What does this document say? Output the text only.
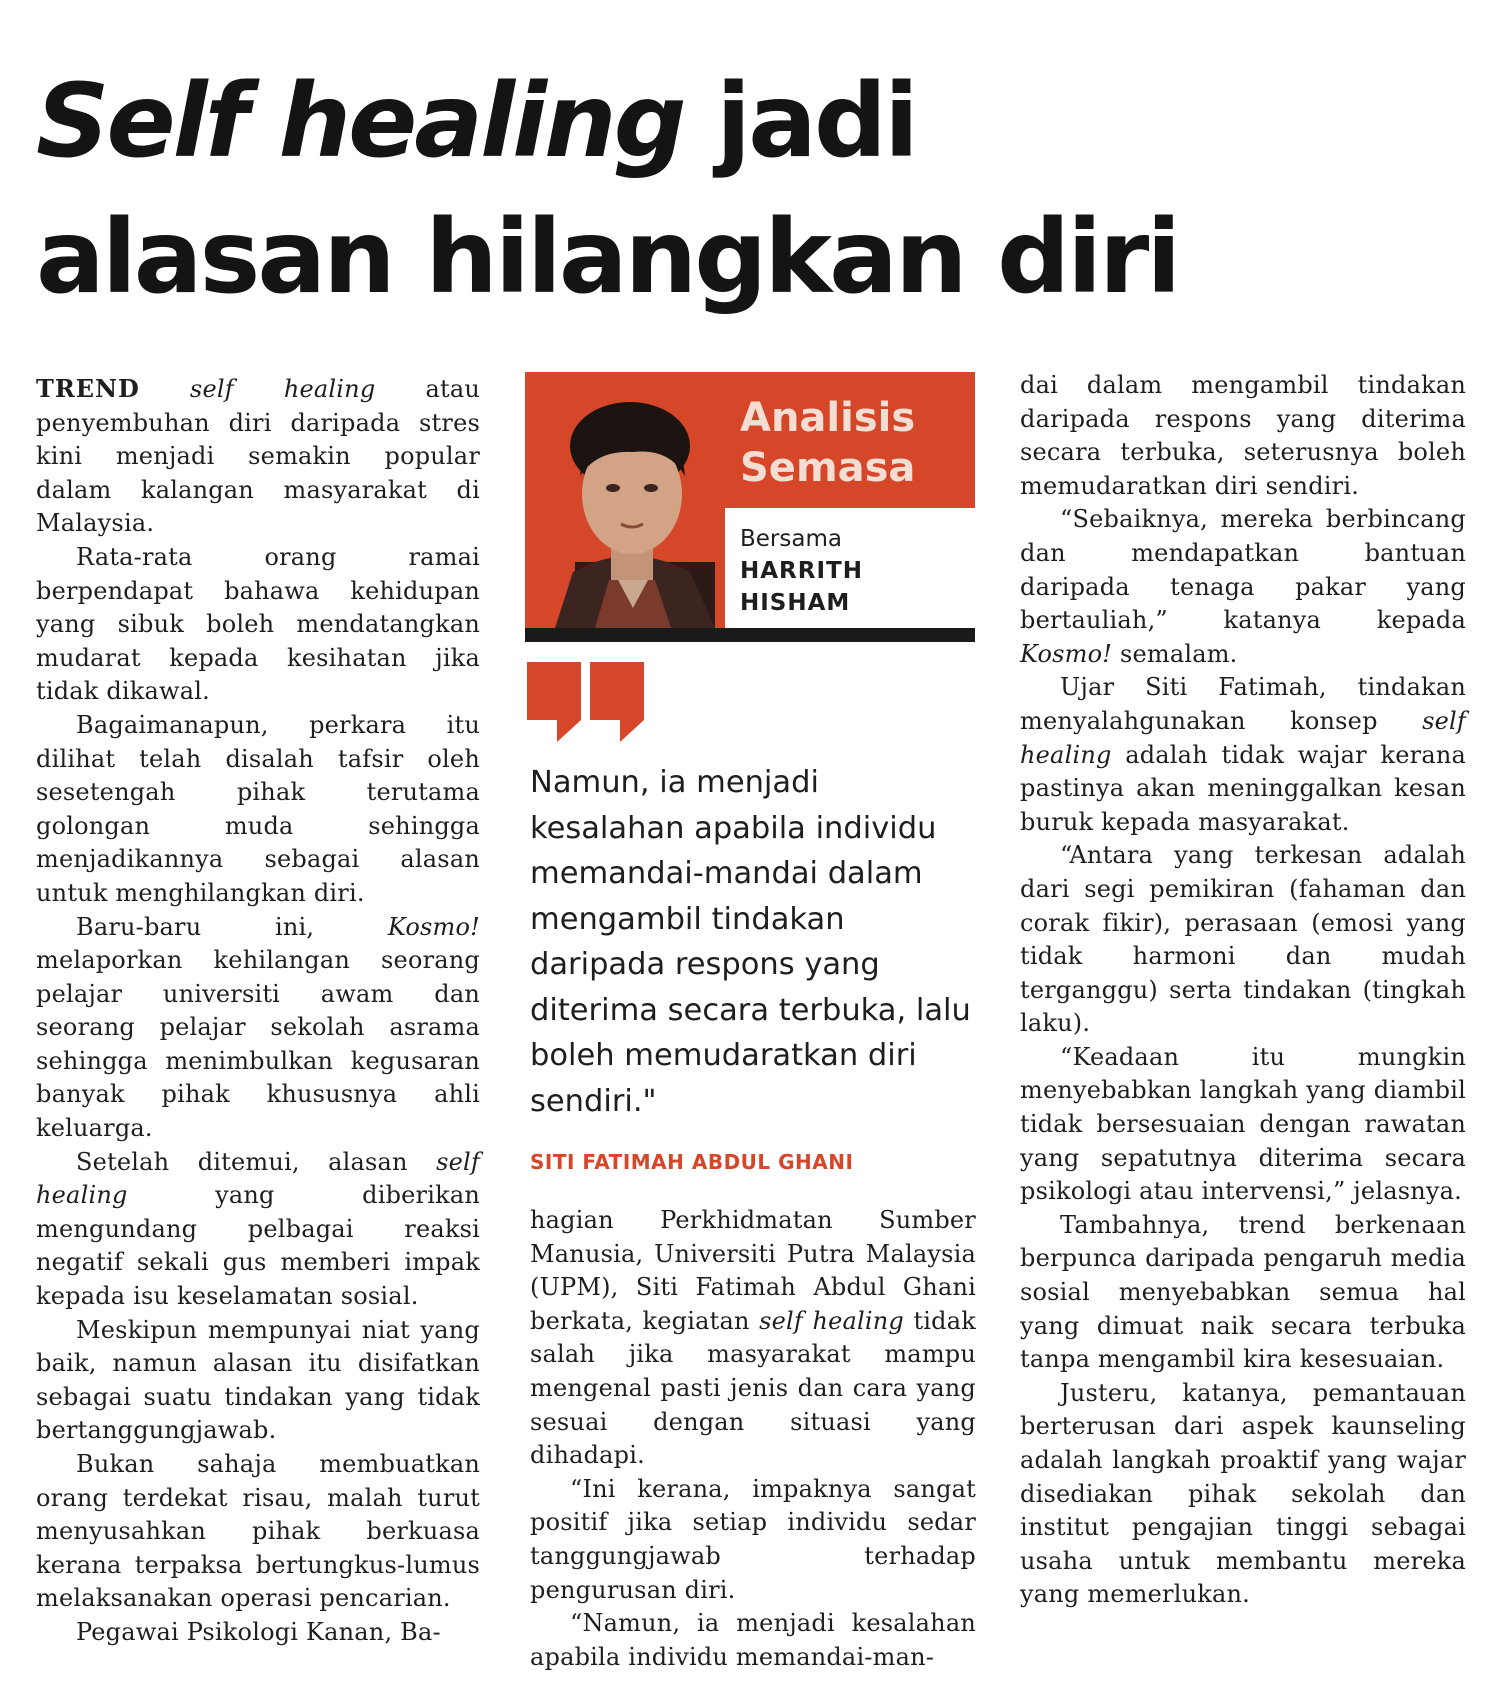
Self healing jadi
alasan hilangkan diri

TREND self healing atau penyembuhan diri daripada stres kini menjadi semakin popular dalam kalangan masyarakat di Malaysia.

Rata-rata orang ramai berpendapat bahawa kehidupan yang sibuk boleh mendatangkan mudarat kepada kesihatan jika tidak dikawal.

Bagaimanapun, perkara itu dilihat telah disalah tafsir oleh sesetengah pihak terutama golongan muda sehingga menjadikannya sebagai alasan untuk menghilangkan diri.

Baru-baru ini, Kosmo! melaporkan kehilangan seorang pelajar universiti awam dan seorang pelajar sekolah asrama sehingga menimbulkan kegusaran banyak pihak khususnya ahli keluarga.

Setelah ditemui, alasan self healing yang diberikan mengundang pelbagai reaksi negatif sekali gus memberi impak kepada isu keselamatan sosial.

Meskipun mempunyai niat yang baik, namun alasan itu disifatkan sebagai suatu tindakan yang tidak bertanggungjawab.

Bukan sahaja membuatkan orang terdekat risau, malah turut menyusahkan pihak berkuasa kerana terpaksa bertungkus-lumus melaksanakan operasi pencarian.

Pegawai Psikologi Kanan, Ba-

Analisis
Semasa
Bersama
HARRITH
HISHAM

Namun, ia menjadi kesalahan apabila individu memandai-mandai dalam mengambil tindakan daripada respons yang diterima secara terbuka, lalu boleh memudaratkan diri sendiri."

SITI FATIMAH ABDUL GHANI

hagian Perkhidmatan Sumber Manusia, Universiti Putra Malaysia (UPM), Siti Fatimah Abdul Ghani berkata, kegiatan self healing tidak salah jika masyarakat mampu mengenal pasti jenis dan cara yang sesuai dengan situasi yang dihadapi.

“Ini kerana, impaknya sangat positif jika setiap individu sedar tanggungjawab terhadap pengurusan diri.

“Namun, ia menjadi kesalahan apabila individu memandai-man-

dai dalam mengambil tindakan daripada respons yang diterima secara terbuka, seterusnya boleh memudaratkan diri sendiri.

“Sebaiknya, mereka berbincang dan mendapatkan bantuan daripada tenaga pakar yang bertauliah,” katanya kepada Kosmo! semalam.

Ujar Siti Fatimah, tindakan menyalahgunakan konsep self healing adalah tidak wajar kerana pastinya akan meninggalkan kesan buruk kepada masyarakat.

“Antara yang terkesan adalah dari segi pemikiran (fahaman dan corak fikir), perasaan (emosi yang tidak harmoni dan mudah terganggu) serta tindakan (tingkah laku).

“Keadaan itu mungkin menyebabkan langkah yang diambil tidak bersesuaian dengan rawatan yang sepatutnya diterima secara psikologi atau intervensi,” jelasnya.

Tambahnya, trend berkenaan berpunca daripada pengaruh media sosial menyebabkan semua hal yang dimuat naik secara terbuka tanpa mengambil kira kesesuaian.

Justeru, katanya, pemantauan berterusan dari aspek kaunseling adalah langkah proaktif yang wajar disediakan pihak sekolah dan institut pengajian tinggi sebagai usaha untuk membantu mereka yang memerlukan.
